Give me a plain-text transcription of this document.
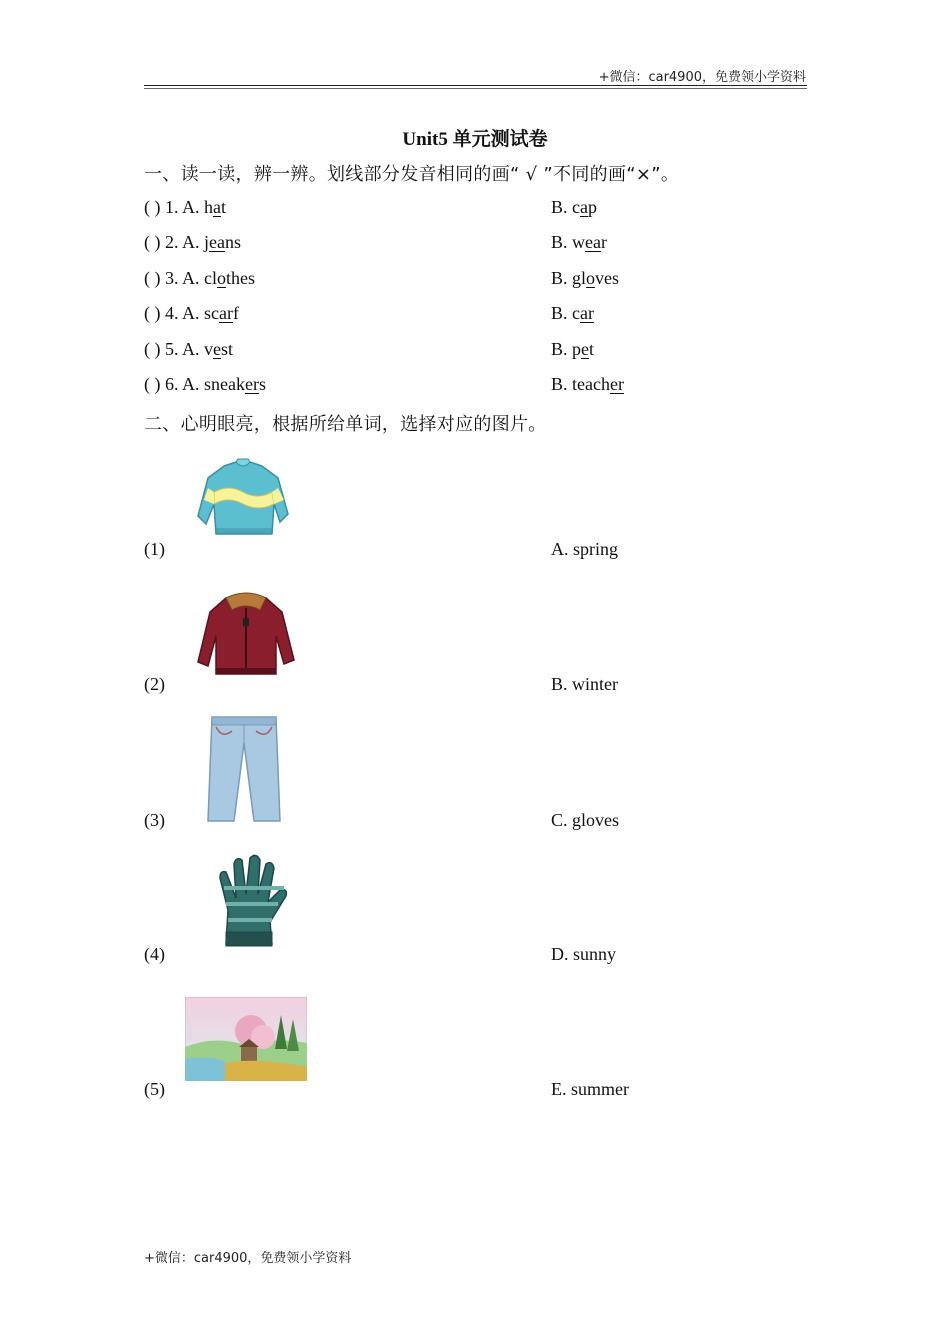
+微信：car4900，免费领小学资料
Unit5 单元测试卷
一、读一读，辨一辨。划线部分发音相同的画“ √ ”不同的画“×”。
( ) 1. A. hat	B. cap
( ) 2. A. jeans	B. wear
( ) 3. A. clothes	B. gloves
( ) 4. A. scarf	B. car
( ) 5. A. vest	B. pet
( ) 6. A. sneakers	B. teacher
二、心明眼亮，根据所给单词，选择对应的图片。
(1)	A. spring
(2)	B. winter
(3)	C. gloves
(4)	D. sunny
(5)	E. summer
+微信：car4900，免费领小学资料
